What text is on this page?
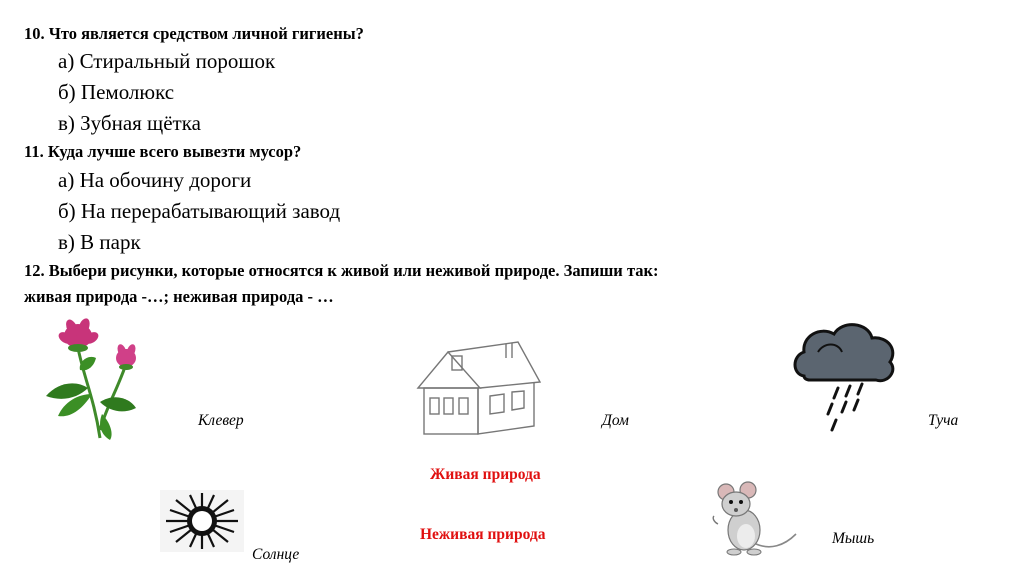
10. Что является средством личной гигиены?
а) Стиральный порошок
б) Пемолюкс
в) Зубная щётка
11. Куда лучше всего вывезти мусор?
а) На обочину дороги
б) На перерабатывающий завод
в) В парк
12. Выбери рисунки, которые относятся к живой или неживой природе. Запиши так:
живая природа -…; неживая природа - …
Клевер	Дом	Туча
Живая природа
Неживая природа
Солнце
Мышь
